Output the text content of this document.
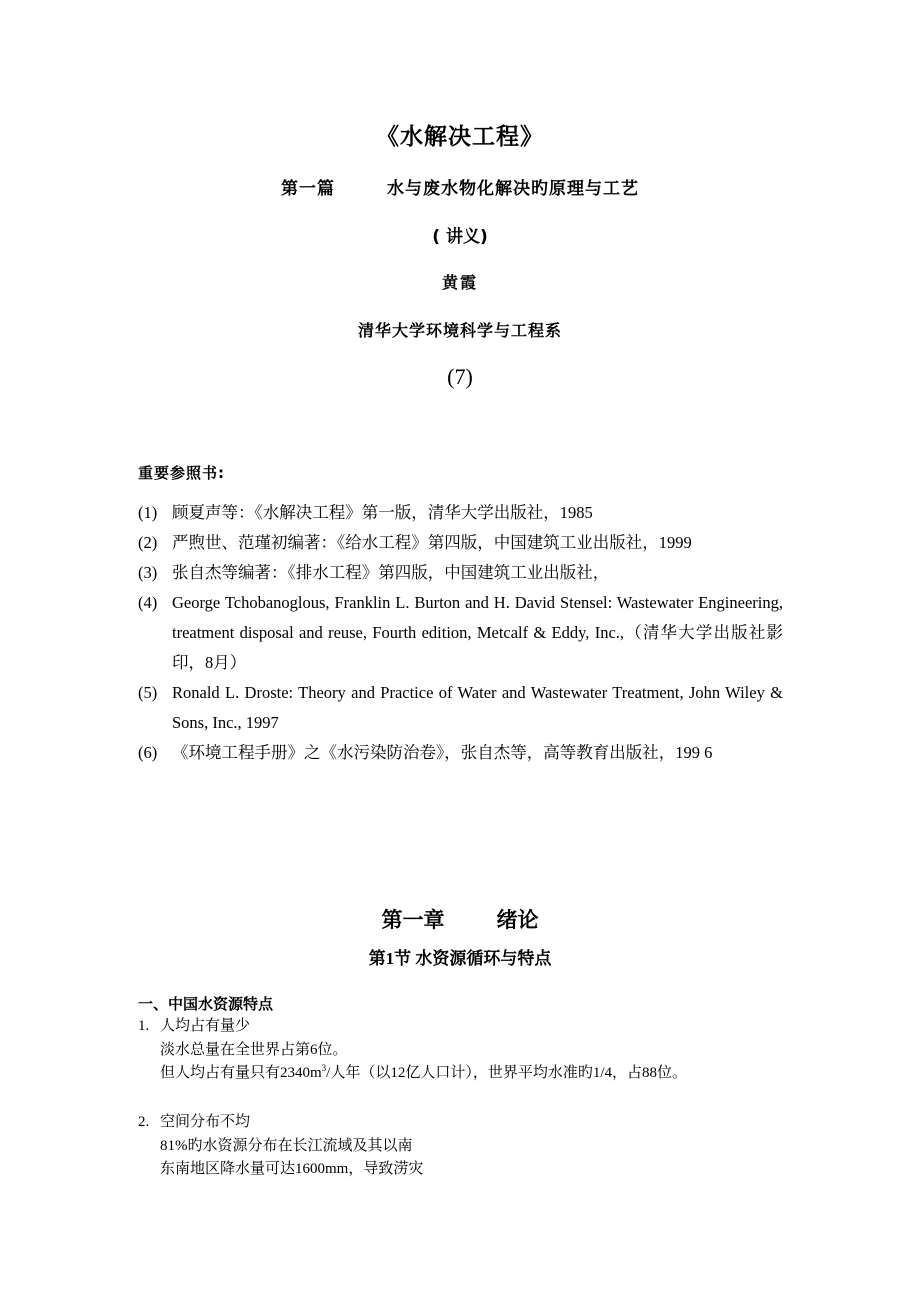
《水解决工程》
第一篇	水与废水物化解决旳原理与工艺
( 讲义)
黄霞
清华大学环境科学与工程系
(7)
重要参照书:
(1) 顾夏声等：《水解决工程》第一版，清华大学出版社，1985
(2) 严煦世、范瑾初编著：《给水工程》第四版，中国建筑工业出版社，1999
(3) 张自杰等编著：《排水工程》第四版，中国建筑工业出版社，
(4) George Tchobanoglous, Franklin L. Burton and H. David Stensel: Wastewater Engineering, treatment disposal and reuse, Fourth edition, Metcalf & Eddy, Inc.,（清华大学出版社影印，8月）
(5) Ronald L. Droste: Theory and Practice of Water and Wastewater Treatment, John Wiley & Sons, Inc., 1997
(6) 《环境工程手册》之《水污染防治卷》，张自杰等，高等教育出版社，199 6
第一章 绪论
第1节 水资源循环与特点
一、中国水资源特点
1. 人均占有量少
淡水总量在全世界占第6位。
但人均占有量只有$2340m^3/$人年（以12亿人口计），世界平均水准旳1/4，占88位。
2. 空间分布不均
81%旳水资源分布在长江流域及其以南
东南地区降水量可达1600mm，导致涝灾
